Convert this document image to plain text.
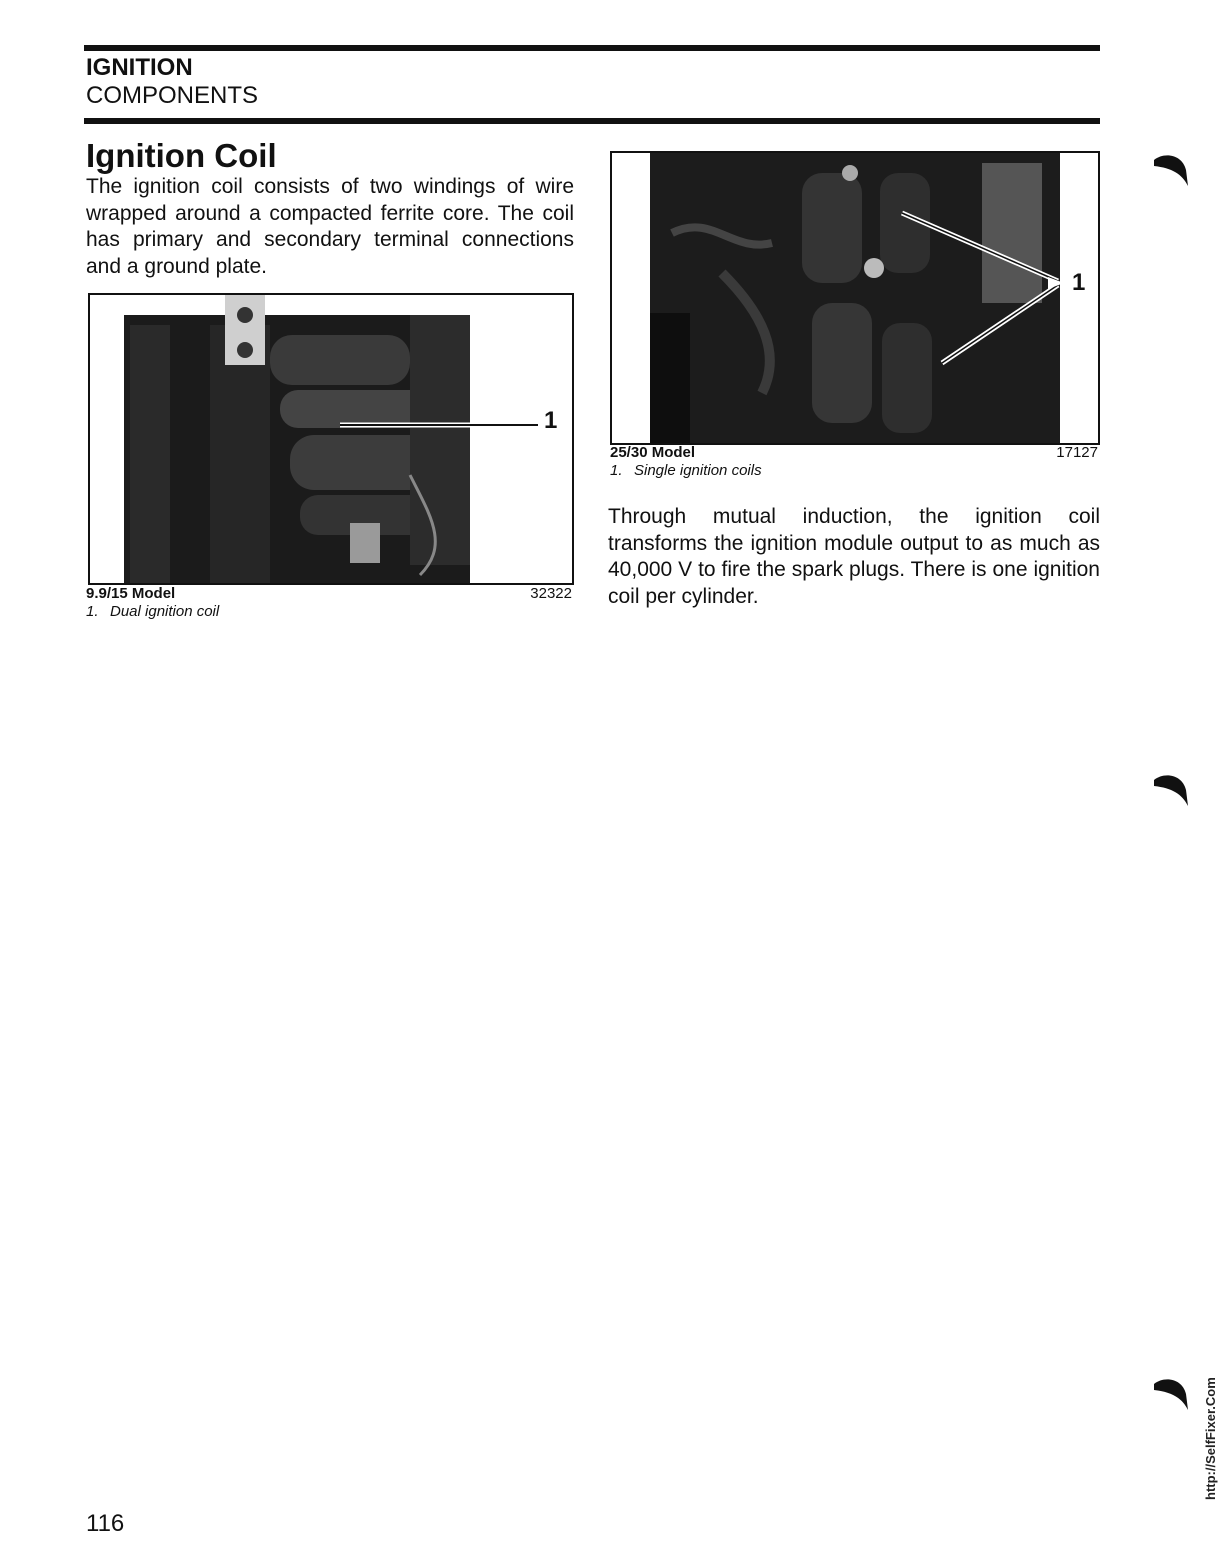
IGNITION
COMPONENTS
Ignition Coil

The ignition coil consists of two windings of wire wrapped around a compacted ferrite core. The coil has primary and secondary terminal connections and a ground plate.

1
9.9/15 Model	32322
1. Dual ignition coil
1
25/30 Model	17127
1. Single ignition coils

Through mutual induction, the ignition coil transforms the ignition module output to as much as 40,000 V to fire the spark plugs. There is one ignition coil per cylinder.

116
http://SelfFixer.Com
